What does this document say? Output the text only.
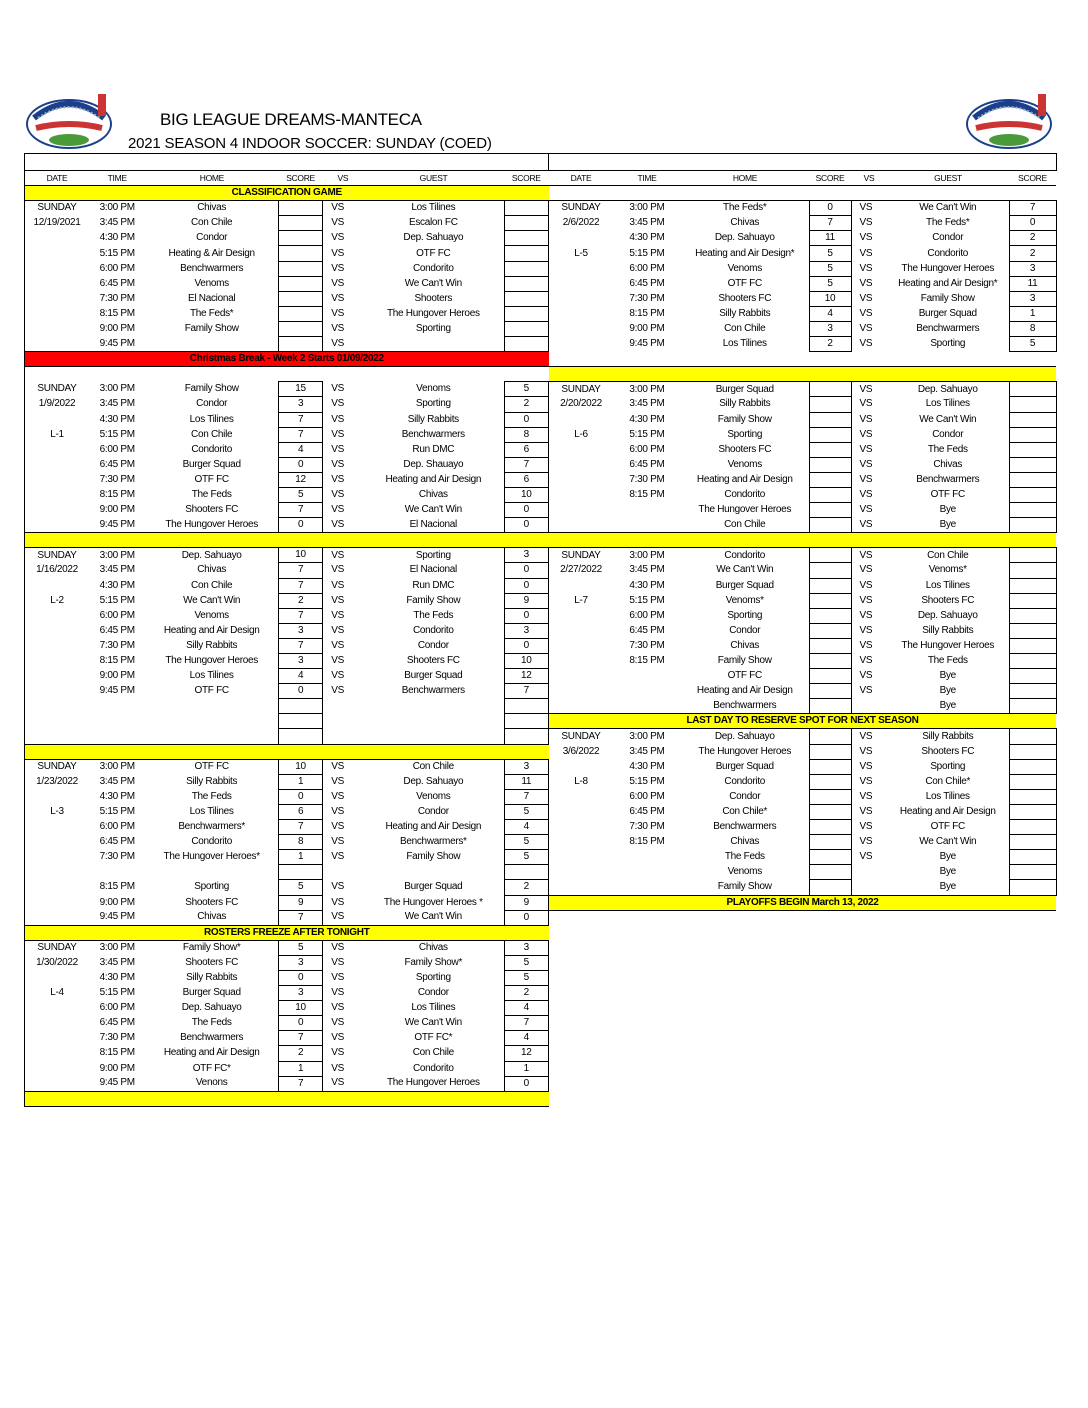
BIG LEAGUE DREAMS-MANTECA
2021 SEASON 4 INDOOR SOCCER: SUNDAY (COED)

DATE	TIME	HOME	SCORE	VS	GUEST	SCORE
CLASSIFICATION GAME						
SUNDAY	3:00 PM	Chivas		VS	Los Tilines	
12/19/2021	3:45 PM	Con Chile		VS	Escalon FC	
	4:30 PM	Condor		VS	Dep. Sahuayo	
	5:15 PM	Heating & Air Design		VS	OTF FC	
	6:00 PM	Benchwarmers		VS	Condorito	
	6:45 PM	Venoms		VS	We Can't Win	
	7:30 PM	El Nacional		VS	Shooters	
	8:15 PM	The Feds*		VS	The Hungover Heroes	
	9:00 PM	Family Show		VS	Sporting	
	9:45 PM			VS		
Christmas Break - Week 2 Starts 01/09/2022						

SUNDAY	3:00 PM	Family Show	15	VS	Venoms	5
1/9/2022	3:45 PM	Condor	3	VS	Sporting	2
	4:30 PM	Los Tilines	7	VS	Silly Rabbits	0
L-1	5:15 PM	Con Chile	7	VS	Benchwarmers	8
	6:00 PM	Condorito	4	VS	Run DMC	6
	6:45 PM	Burger Squad	0	VS	Dep. Shauayo	7
	7:30 PM	OTF FC	12	VS	Heating and Air Design	6
	8:15 PM	The Feds	5	VS	Chivas	10
	9:00 PM	Shooters FC	7	VS	We Can't Win	0
	9:45 PM	The Hungover Heroes	0	VS	El Nacional	0

SUNDAY	3:00 PM	Dep. Sahuayo	10	VS	Sporting	3
1/16/2022	3:45 PM	Chivas	7	VS	El Nacional	0
	4:30 PM	Con Chile	7	VS	Run DMC	0
L-2	5:15 PM	We Can't Win	2	VS	Family Show	9
	6:00 PM	Venoms	7	VS	The Feds	0
	6:45 PM	Heating and Air Design	3	VS	Condorito	3
	7:30 PM	Silly Rabbits	7	VS	Condor	0
	8:15 PM	The Hungover Heroes	3	VS	Shooters FC	10
	9:00 PM	Los Tilines	4	VS	Burger Squad	12
	9:45 PM	OTF FC	0	VS	Benchwarmers	7

SUNDAY	3:00 PM	OTF FC	10	VS	Con Chile	3
1/23/2022	3:45 PM	Silly Rabbits	1	VS	Dep. Sahuayo	11
	4:30 PM	The Feds	0	VS	Venoms	7
L-3	5:15 PM	Los Tilines	6	VS	Condor	5
	6:00 PM	Benchwarmers*	7	VS	Heating and Air Design	4
	6:45 PM	Condorito	8	VS	Benchwarmers*	5
	7:30 PM	The Hungover Heroes*	1	VS	Family Show	5

	8:15 PM	Sporting	5	VS	Burger Squad	2
	9:00 PM	Shooters FC	9	VS	The Hungover Heroes *	9
	9:45 PM	Chivas	7	VS	We Can't Win	0
ROSTERS FREEZE AFTER TONIGHT						
SUNDAY	3:00 PM	Family Show*	5	VS	Chivas	3
1/30/2022	3:45 PM	Shooters FC	3	VS	Family Show*	5
	4:30 PM	Silly Rabbits	0	VS	Sporting	5
L-4	5:15 PM	Burger Squad	3	VS	Condor	2
	6:00 PM	Dep. Sahuayo	10	VS	Los Tilines	4
	6:45 PM	The Feds	0	VS	We Can't Win	7
	7:30 PM	Benchwarmers	7	VS	OTF FC*	4
	8:15 PM	Heating and Air Design	2	VS	Con Chile	12
	9:00 PM	OTF FC*	1	VS	Condorito	1
	9:45 PM	Venons	7	VS	The Hungover Heroes	0

DATE	TIME	HOME	SCORE	VS	GUEST	SCORE

SUNDAY	3:00 PM	The Feds*	0	VS	We Can't Win	7
2/6/2022	3:45 PM	Chivas	7	VS	The Feds*	0
	4:30 PM	Dep. Sahuayo	11	VS	Condor	2
L-5	5:15 PM	Heating and Air Design*	5	VS	Condorito	2
	6:00 PM	Venoms	5	VS	The Hungover Heroes	3
	6:45 PM	OTF FC	5	VS	Heating and Air Design*	11
	7:30 PM	Shooters FC	10	VS	Family Show	3
	8:15 PM	Silly Rabbits	4	VS	Burger Squad	1
	9:00 PM	Con Chile	3	VS	Benchwarmers	8
	9:45 PM	Los Tilines	2	VS	Sporting	5

SUNDAY	3:00 PM	Burger Squad		VS	Dep. Sahuayo	
2/20/2022	3:45 PM	Silly Rabbits		VS	Los Tilines	
	4:30 PM	Family Show		VS	We Can't Win	
L-6	5:15 PM	Sporting		VS	Condor	
	6:00 PM	Shooters FC		VS	The Feds	
	6:45 PM	Venoms		VS	Chivas	
	7:30 PM	Heating and Air Design		VS	Benchwarmers	
	8:15 PM	Condorito		VS	OTF FC	
		The Hungover Heroes		VS	Bye	
		Con Chile		VS	Bye	

SUNDAY	3:00 PM	Condorito		VS	Con Chile	
2/27/2022	3:45 PM	We Can't Win		VS	Venoms*	
	4:30 PM	Burger Squad		VS	Los Tilines	
L-7	5:15 PM	Venoms*		VS	Shooters FC	
	6:00 PM	Sporting		VS	Dep. Sahuayo	
	6:45 PM	Condor		VS	Silly Rabbits	
	7:30 PM	Chivas		VS	The Hungover Heroes	
	8:15 PM	Family Show		VS	The Feds	
		OTF FC		VS	Bye	
		Heating and Air Design		VS	Bye	
		Benchwarmers			Bye	
LAST DAY TO RESERVE SPOT FOR NEXT SEASON						
SUNDAY	3:00 PM	Dep. Sahuayo		VS	Silly Rabbits	
3/6/2022	3:45 PM	The Hungover Heroes		VS	Shooters FC	
	4:30 PM	Burger Squad		VS	Sporting	
L-8	5:15 PM	Condorito		VS	Con Chile*	
	6:00 PM	Condor		VS	Los Tilines	
	6:45 PM	Con Chile*		VS	Heating and Air Design	
	7:30 PM	Benchwarmers		VS	OTF FC	
	8:15 PM	Chivas		VS	We Can't Win	
		The Feds		VS	Bye	
		Venoms			Bye	
		Family Show			Bye	
PLAYOFFS BEGIN March 13, 2022						
